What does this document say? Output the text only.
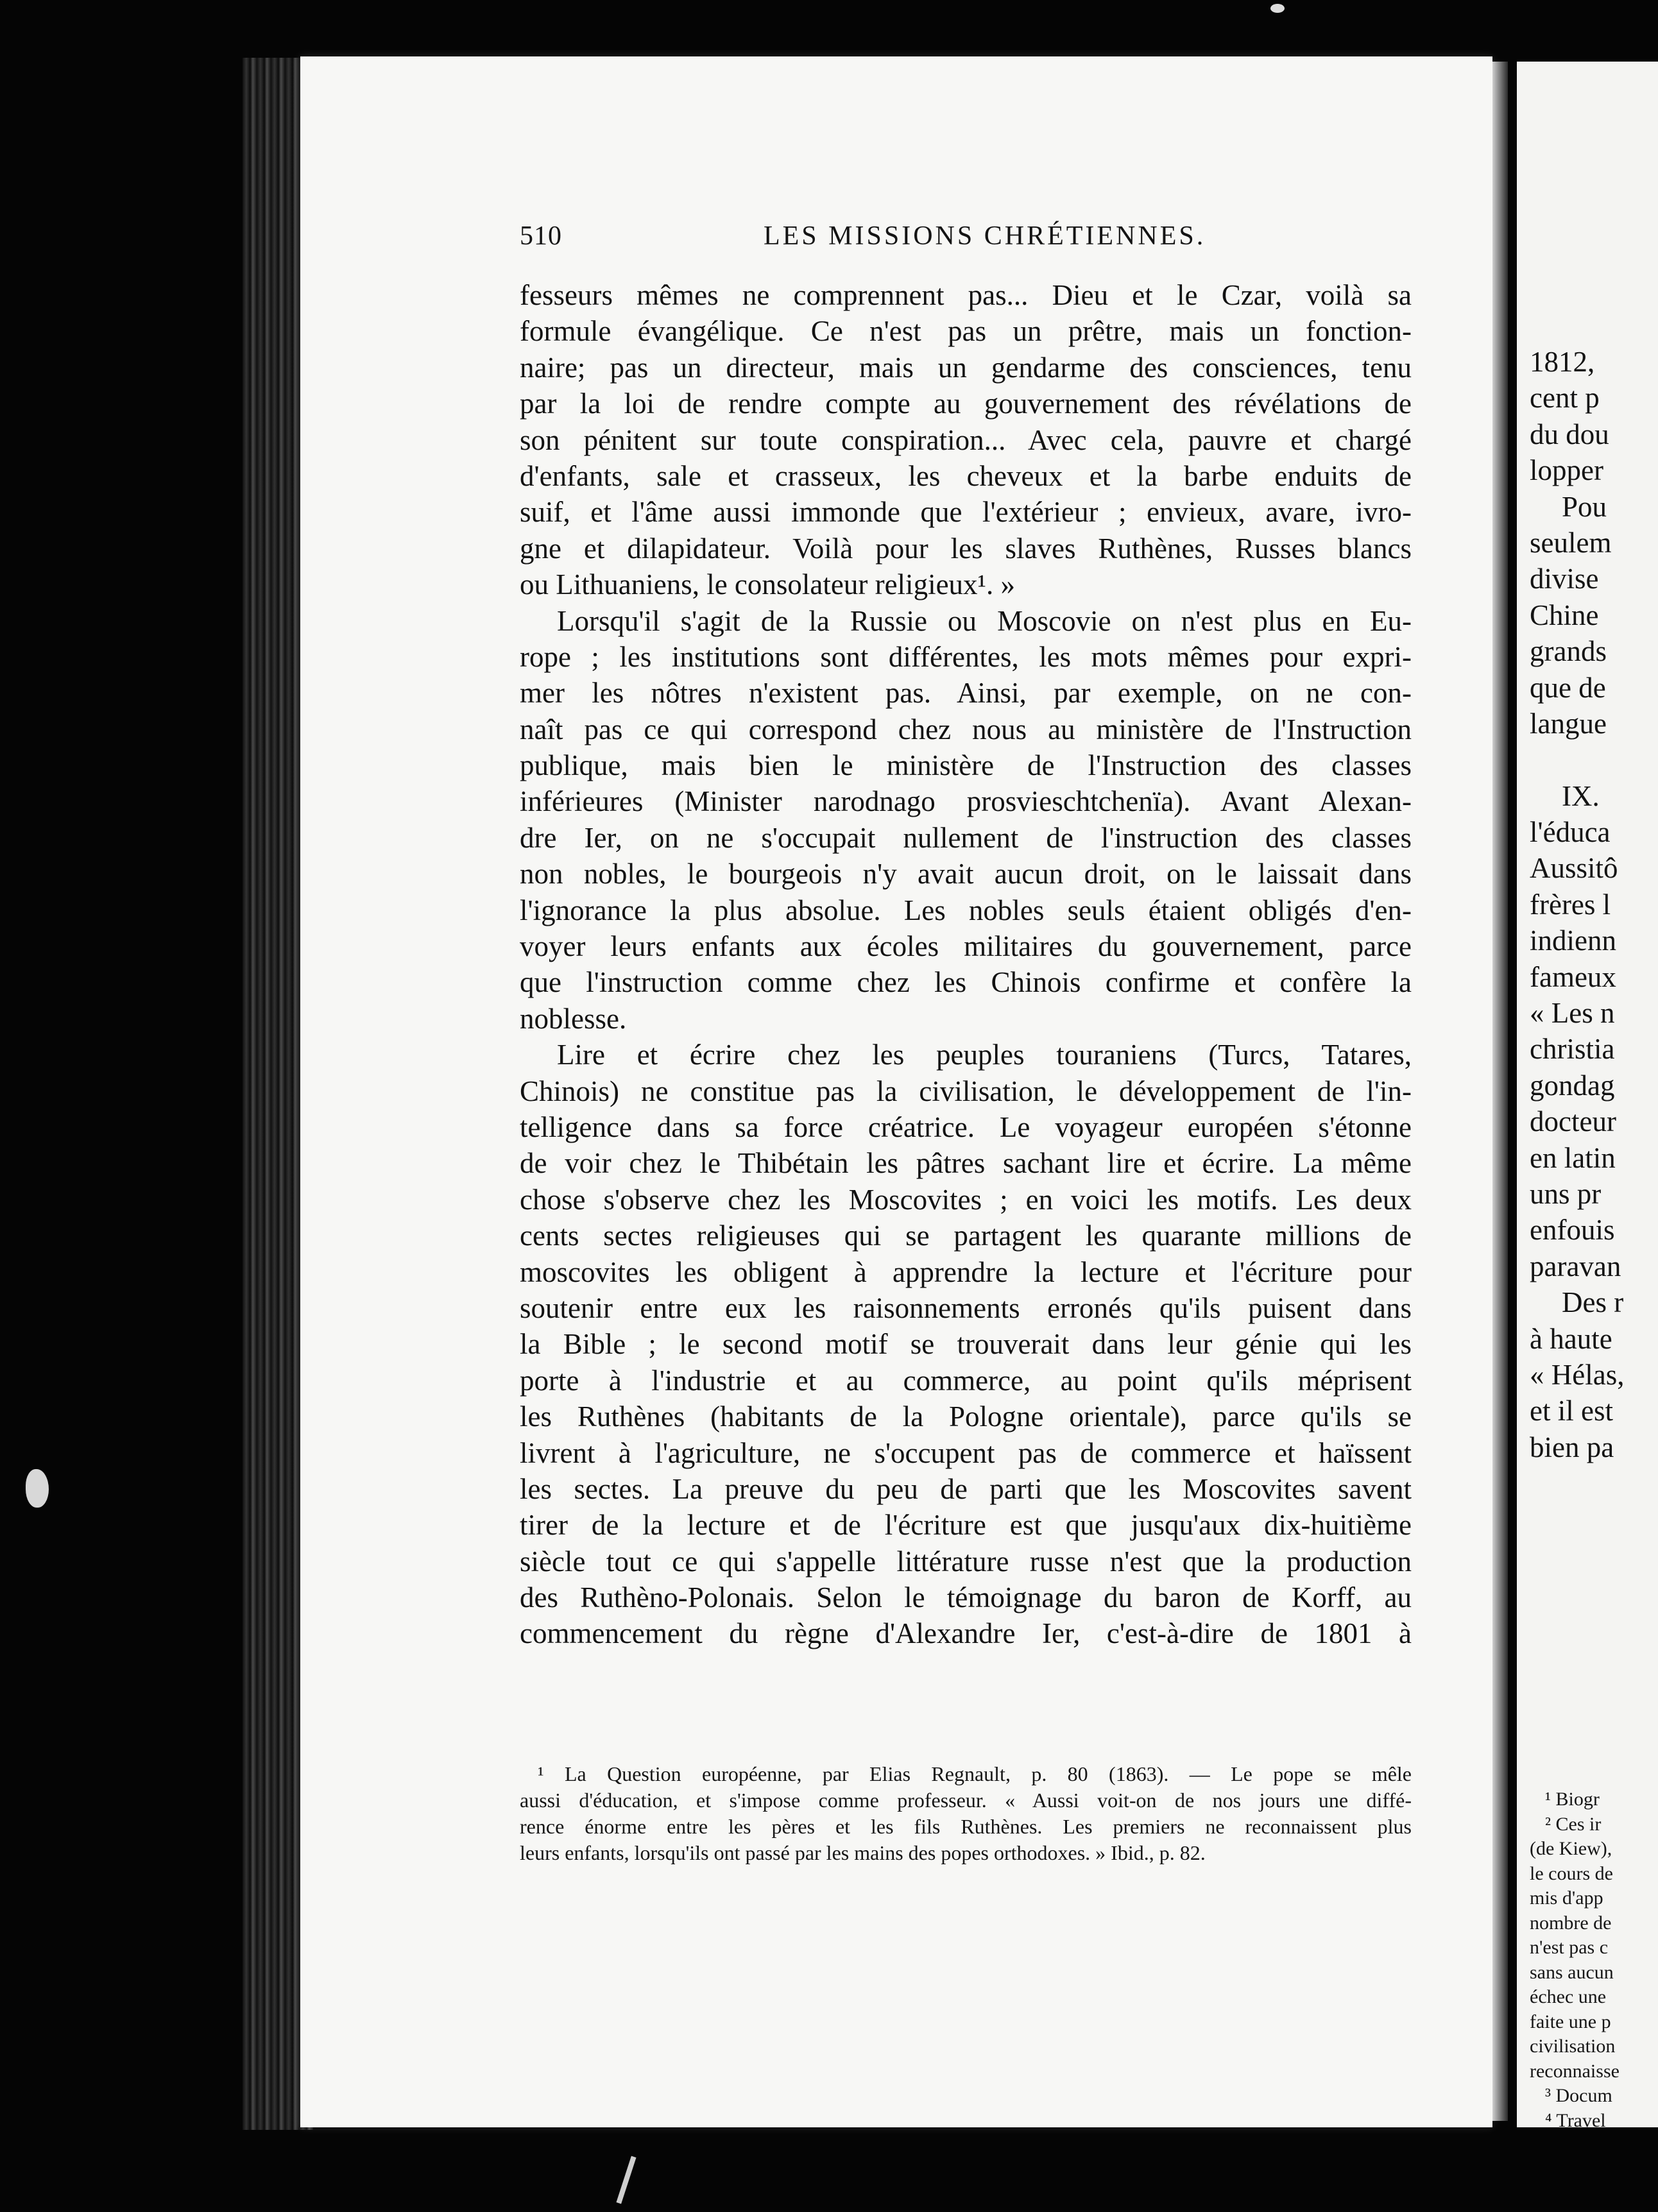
510	LES MISSIONS CHRÉTIENNES.
fesseurs mêmes ne comprennent pas... Dieu et le Czar, voilà sa
formule évangélique. Ce n'est pas un prêtre, mais un fonction-
naire; pas un directeur, mais un gendarme des consciences, tenu
par la loi de rendre compte au gouvernement des révélations de
son pénitent sur toute conspiration... Avec cela, pauvre et chargé
d'enfants, sale et crasseux, les cheveux et la barbe enduits de
suif, et l'âme aussi immonde que l'extérieur ; envieux, avare, ivro-
gne et dilapidateur. Voilà pour les slaves Ruthènes, Russes blancs
ou Lithuaniens, le consolateur religieux¹. »
Lorsqu'il s'agit de la Russie ou Moscovie on n'est plus en Eu-
rope ; les institutions sont différentes, les mots mêmes pour expri-
mer les nôtres n'existent pas. Ainsi, par exemple, on ne con-
naît pas ce qui correspond chez nous au ministère de l'Instruction
publique, mais bien le ministère de l'Instruction des classes
inférieures (Minister narodnago prosvieschtchenïa). Avant Alexan-
dre Ier, on ne s'occupait nullement de l'instruction des classes
non nobles, le bourgeois n'y avait aucun droit, on le laissait dans
l'ignorance la plus absolue. Les nobles seuls étaient obligés d'en-
voyer leurs enfants aux écoles militaires du gouvernement, parce
que l'instruction comme chez les Chinois confirme et confère la
noblesse.
Lire et écrire chez les peuples touraniens (Turcs, Tatares,
Chinois) ne constitue pas la civilisation, le développement de l'in-
telligence dans sa force créatrice. Le voyageur européen s'étonne
de voir chez le Thibétain les pâtres sachant lire et écrire. La même
chose s'observe chez les Moscovites ; en voici les motifs. Les deux
cents sectes religieuses qui se partagent les quarante millions de
moscovites les obligent à apprendre la lecture et l'écriture pour
soutenir entre eux les raisonnements erronés qu'ils puisent dans
la Bible ; le second motif se trouverait dans leur génie qui les
porte à l'industrie et au commerce, au point qu'ils méprisent
les Ruthènes (habitants de la Pologne orientale), parce qu'ils se
livrent à l'agriculture, ne s'occupent pas de commerce et haïssent
les sectes. La preuve du peu de parti que les Moscovites savent
tirer de la lecture et de l'écriture est que jusqu'aux dix-huitième
siècle tout ce qui s'appelle littérature russe n'est que la production
des Ruthèno-Polonais. Selon le témoignage du baron de Korff, au
commencement du règne d'Alexandre Ier, c'est-à-dire de 1801 à
¹ La Question européenne, par Elias Regnault, p. 80 (1863). — Le pope se mêle
aussi d'éducation, et s'impose comme professeur. « Aussi voit-on de nos jours une diffé-
rence énorme entre les pères et les fils Ruthènes. Les premiers ne reconnaissent plus
leurs enfants, lorsqu'ils ont passé par les mains des popes orthodoxes. » Ibid., p. 82.
1812,
cent p
du dou
lopper
Pou
seulem
divise
Chine
grands
que de
langue
IX.
l'éduca
Aussitô
frères l
indienn
fameux
« Les n
christia
gondag
docteur
en latin
uns pr
enfouis
paravan
Des r
à haute
« Hélas,
et il est
bien pa
¹ Biogr
² Ces ir
(de Kiew),
le cours de
mis d'app
nombre de
n'est pas c
sans aucun
échec une
faite une p
civilisation
reconnaisse
³ Docum
⁴ Travel
